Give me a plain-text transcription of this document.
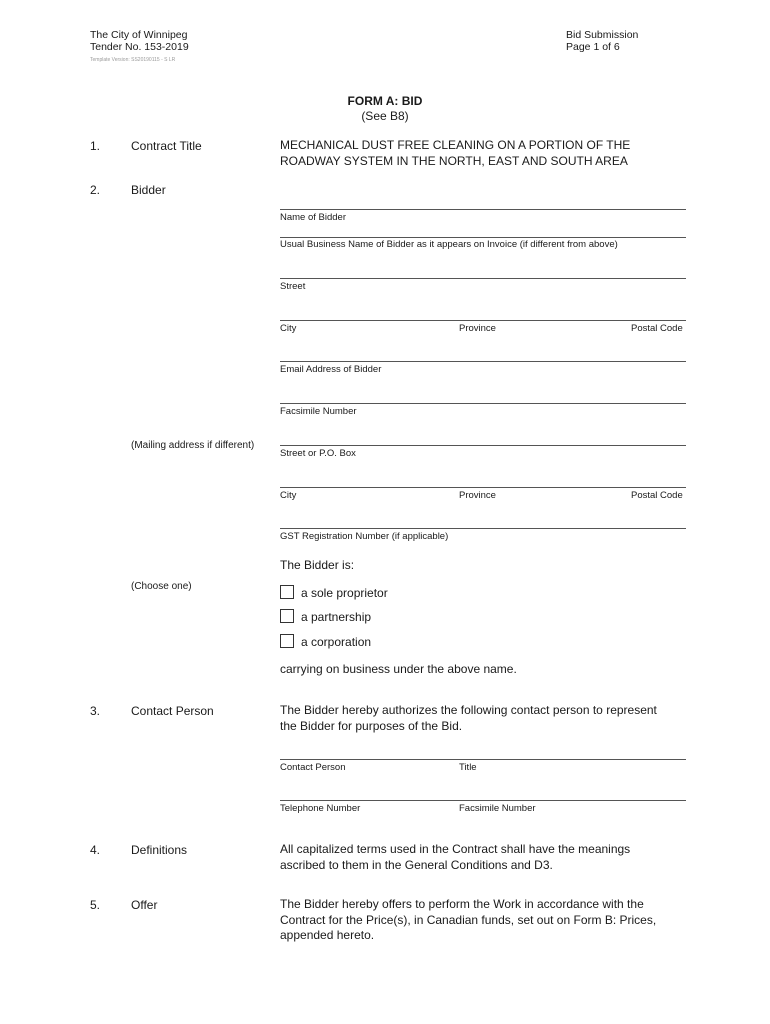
The City of Winnipeg
Tender No. 153-2019
Template Version: SS20190115 - S LR
Bid Submission
Page 1 of 6
FORM A: BID
(See B8)
1.	Contract Title	MECHANICAL DUST FREE CLEANING ON A PORTION OF THE
ROADWAY SYSTEM IN THE NORTH, EAST AND SOUTH AREA
2.	Bidder
Name of Bidder
Usual Business Name of Bidder as it appears on Invoice (if different from above)
Street
City	Province	Postal Code
Email Address of Bidder
Facsimile Number
(Mailing address if different)
Street or P.O. Box
City	Province	Postal Code
GST Registration Number (if applicable)
The Bidder is:
(Choose one)	a sole proprietor
a partnership
a corporation
carrying on business under the above name.
3.	Contact Person	The Bidder hereby authorizes the following contact person to represent
the Bidder for purposes of the Bid.
Contact Person	Title
Telephone Number	Facsimile Number
4.	Definitions	All capitalized terms used in the Contract shall have the meanings
ascribed to them in the General Conditions and D3.
5.	Offer	The Bidder hereby offers to perform the Work in accordance with the
Contract for the Price(s), in Canadian funds, set out on Form B: Prices,
appended hereto.
